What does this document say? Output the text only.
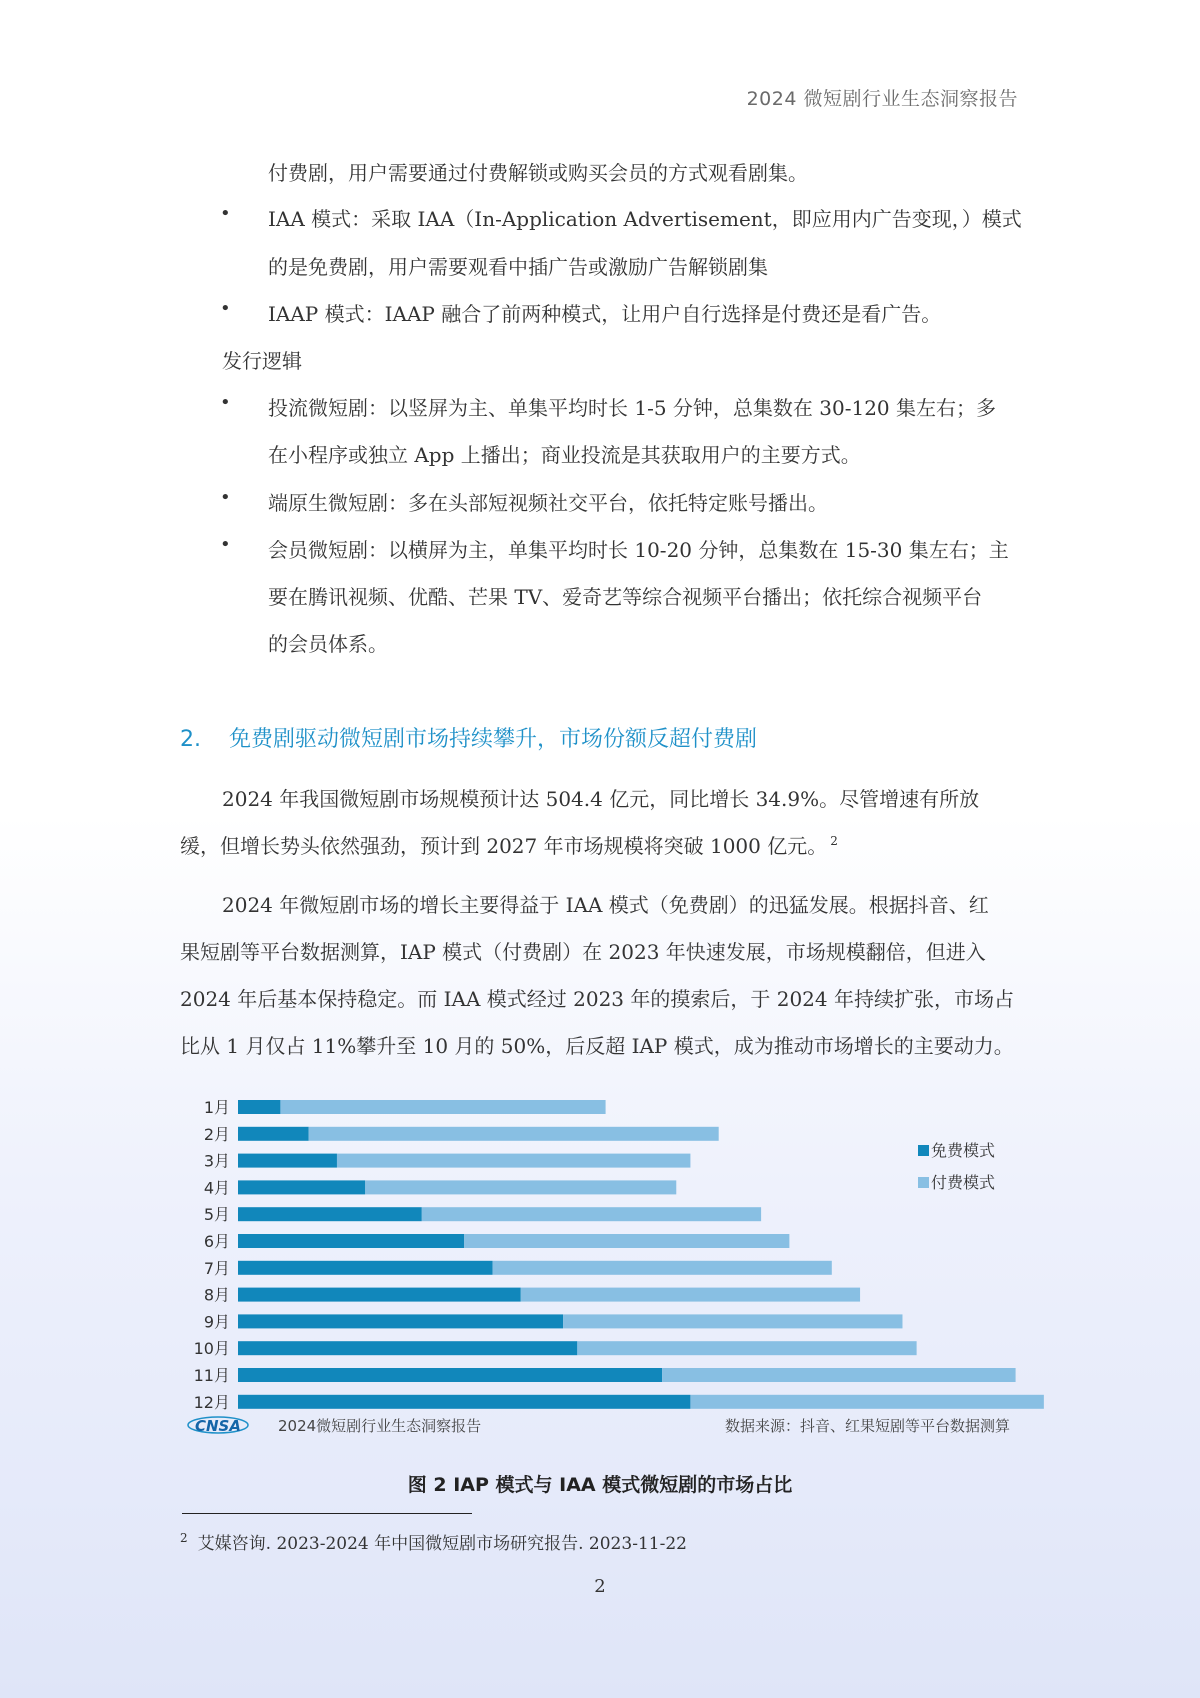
2024 微短剧行业生态洞察报告
付费剧，用户需要通过付费解锁或购买会员的方式观看剧集。
• IAA 模式：采取 IAA（In-Application Advertisement，即应用内广告变现，）模式
的是免费剧，用户需要观看中插广告或激励广告解锁剧集
• IAAP 模式：IAAP 融合了前两种模式，让用户自行选择是付费还是看广告。
发行逻辑
• 投流微短剧：以竖屏为主、单集平均时长 1-5 分钟，总集数在 30-120 集左右；多
在小程序或独立 App 上播出；商业投流是其获取用户的主要方式。
• 端原生微短剧：多在头部短视频社交平台，依托特定账号播出。
• 会员微短剧：以横屏为主，单集平均时长 10-20 分钟，总集数在 15-30 集左右；主
要在腾讯视频、优酷、芒果 TV、爱奇艺等综合视频平台播出；依托综合视频平台
的会员体系。
2. 免费剧驱动微短剧市场持续攀升，市场份额反超付费剧
2024 年我国微短剧市场规模预计达 504.4 亿元，同比增长 34.9%。尽管增速有所放
缓，但增长势头依然强劲，预计到 2027 年市场规模将突破 1000 亿元。 $^2$
2024 年微短剧市场的增长主要得益于 IAA 模式（免费剧）的迅猛发展。根据抖音、红
果短剧等平台数据测算，IAP 模式（付费剧）在 2023 年快速发展，市场规模翻倍，但进入
2024 年后基本保持稳定。而 IAA 模式经过 2023 年的摸索后，于 2024 年持续扩张，市场占
比从 1 月仅占 11%攀升至 10 月的 50%，后反超 IAP 模式，成为推动市场增长的主要动力。
1月
2月
3月
4月
5月
6月
7月
8月
9月
10月
11月
12月
免费模式
付费模式
CNSA 2024微短剧行业生态洞察报告	数据来源：抖音、红果短剧等平台数据测算
图 2 IAP 模式与 IAA 模式微短剧的市场占比
$^2$ 艾媒咨询. 2023-2024 年中国微短剧市场研究报告. 2023-11-22
2
